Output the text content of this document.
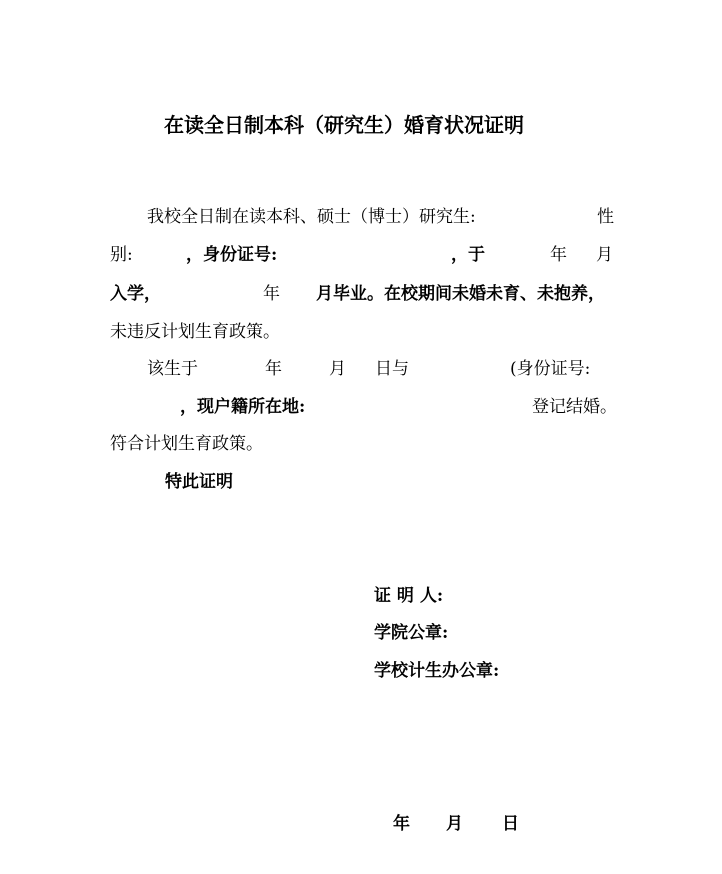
在读全日制本科（研究生）婚育状况证明
我校全日制在读本科、硕士（博士）研究生:	性
别:	，身份证号:	，于	年 月
入学，	年 月毕业。在校期间未婚未育、未抱养，
未违反计划生育政策。
该生于	年	月 日与	(身份证号:
，现户籍所在地:	登记结婚。
符合计划生育政策。
特此证明
证 明 人:
学院公章:
学校计生办公章:
年 月 日
